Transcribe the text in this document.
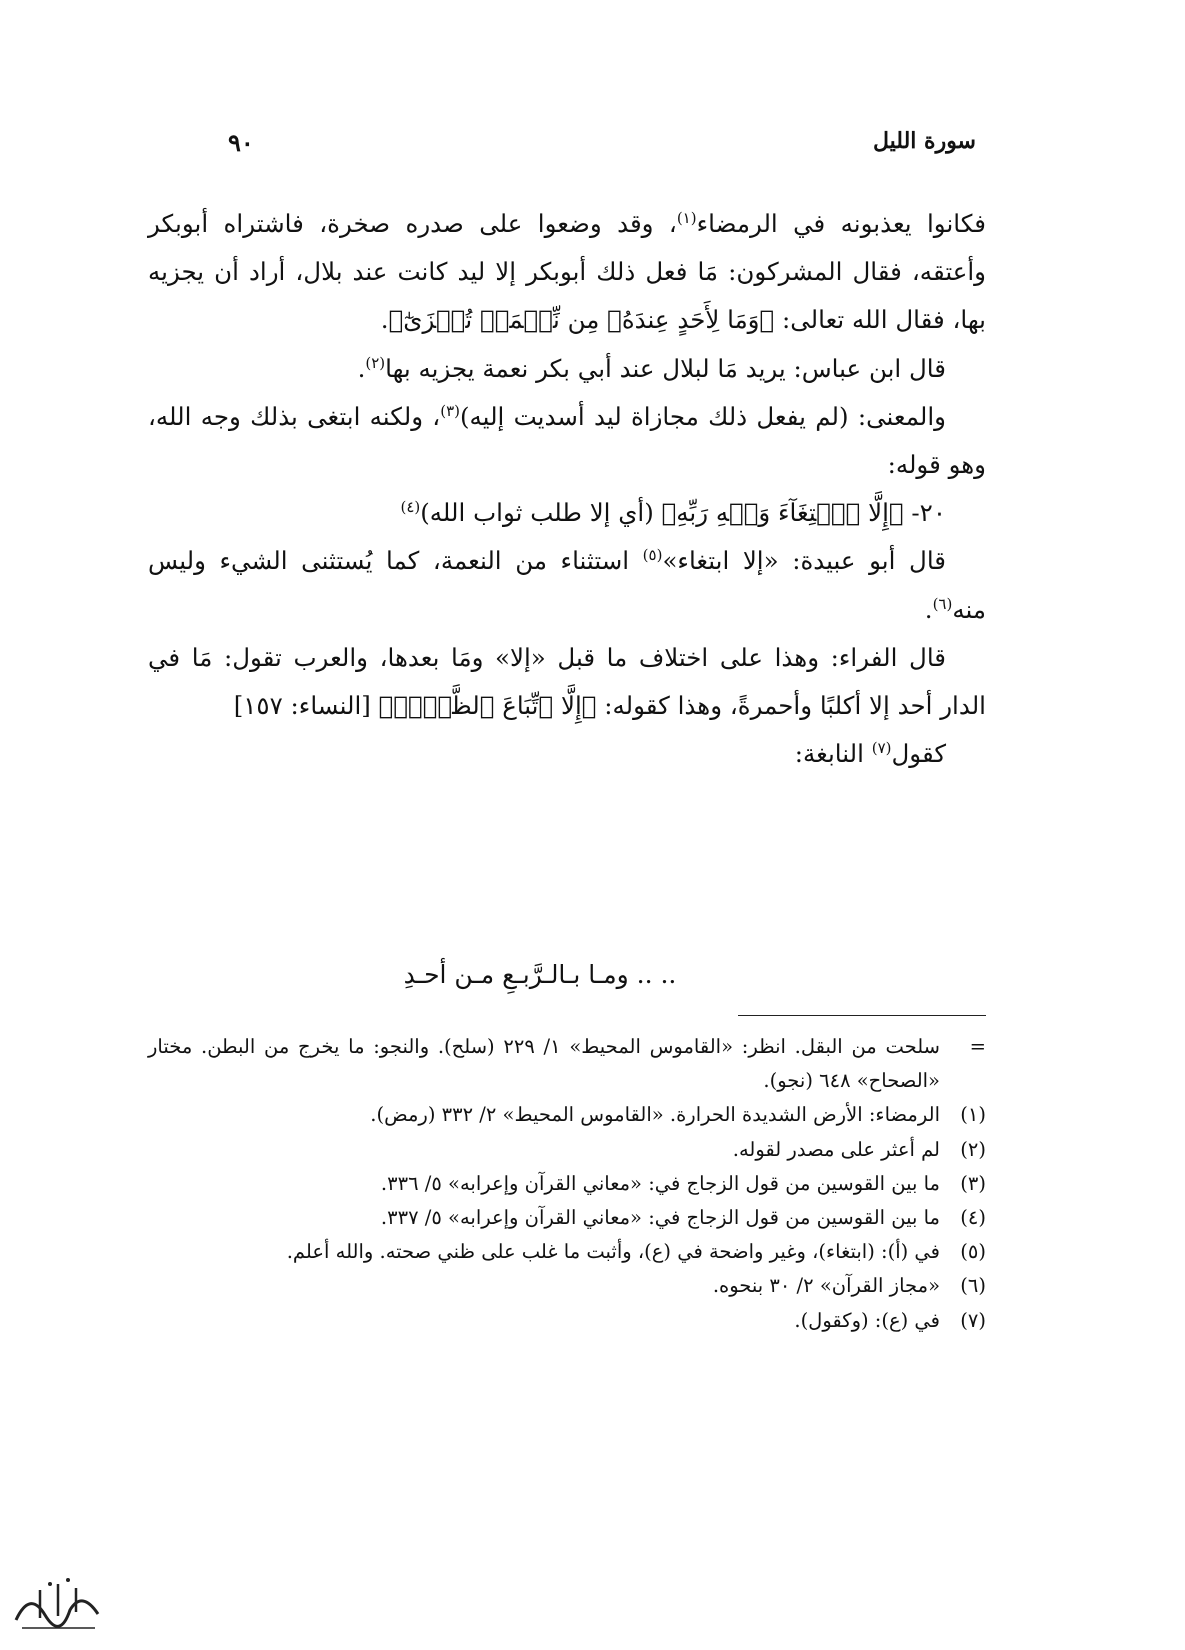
سورة الليل
٩٠

فكانوا يعذبونه في الرمضاء$^{(١)}$، وقد وضعوا على صدره صخرة، فاشتراه أبوبكر وأعتقه، فقال المشركون: مَا فعل ذلك أبوبكر إلا ليد كانت عند بلال، أراد أن يجزيه بها، فقال الله تعالى: ﴿وَمَا لِأَحَدٍ عِندَهُۥ مِن نِّعۡمَةٖ تُجۡزَىٰٓ﴾.

قال ابن عباس: يريد مَا لبلال عند أبي بكر نعمة يجزيه بها$^{(٢)}$.

والمعنى: (لم يفعل ذلك مجازاة ليد أسديت إليه)$^{(٣)}$، ولكنه ابتغى بذلك وجه الله، وهو قوله:

٢٠- ﴿إِلَّا ٱبۡتِغَآءَ وَجۡهِ رَبِّهِ﴾ (أي إلا طلب ثواب الله)$^{(٤)}$

قال أبو عبيدة: «إلا ابتغاء»$^{(٥)}$ استثناء من النعمة، كما يُستثنى الشيء وليس منه$^{(٦)}$.

قال الفراء: وهذا على اختلاف ما قبل «إلا» ومَا بعدها، والعرب تقول: مَا في الدار أحد إلا أكلبًا وأحمرةً، وهذا كقوله: ﴿إِلَّا ٱتِّبَاعَ ٱلظَّنِّۚ﴾ [النساء: ١٥٧]

كقول$^{(٧)}$ النابغة:

.. .. ومـا بـالـرَّبـعِ مـن أحـدِ
=
سلحت من البقل. انظر: «القاموس المحيط» ١/ ٢٢٩ (سلح). والنجو: ما يخرج من البطن. مختار «الصحاح» ٦٤٨ (نجو).
(١)
الرمضاء: الأرض الشديدة الحرارة. «القاموس المحيط» ٢/ ٣٣٢ (رمض).
(٢)
لم أعثر على مصدر لقوله.
(٣)
ما بين القوسين من قول الزجاج في: «معاني القرآن وإعرابه» ٥/ ٣٣٦.
(٤)
ما بين القوسين من قول الزجاج في: «معاني القرآن وإعرابه» ٥/ ٣٣٧.
(٥)
في (أ): (ابتغاء)، وغير واضحة في (ع)، وأثبت ما غلب على ظني صحته. والله أعلم.
(٦)
«مجاز القرآن» ٢/ ٣٠ بنحوه.
(٧)
في (ع): (وكقول).
